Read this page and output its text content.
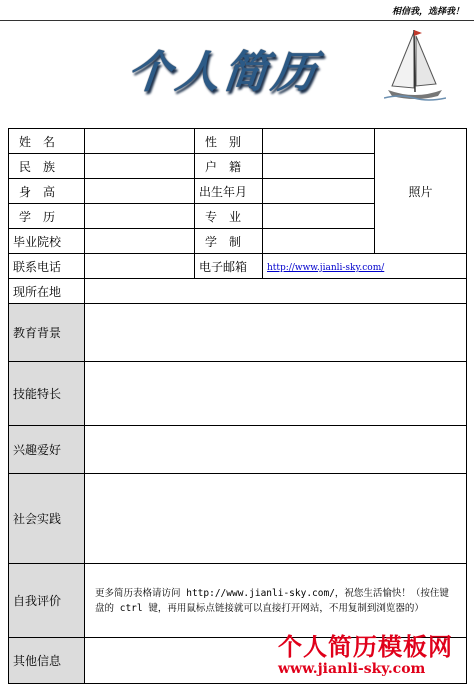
相信我，选择我！
个人简历
姓　名		性　别		照片

民　族		户　籍		

身　高		出生年月		

学　历		专　业		

毕业院校		学　制		

联系电话		电子邮箱	http://www.jianli-sky.com/	
现所在地				
教育背景				
技能特长				
兴趣爱好				
社会实践				
自我评价	更多简历表格请访问 http://www.jianli-sky.com/，祝您生活愉快！（按住键盘的 ctrl 键，再用鼠标点链接就可以直接打开网站，不用复制到浏览器的）			

其他信息					个人简历模板网
www.jianli-sky.com
